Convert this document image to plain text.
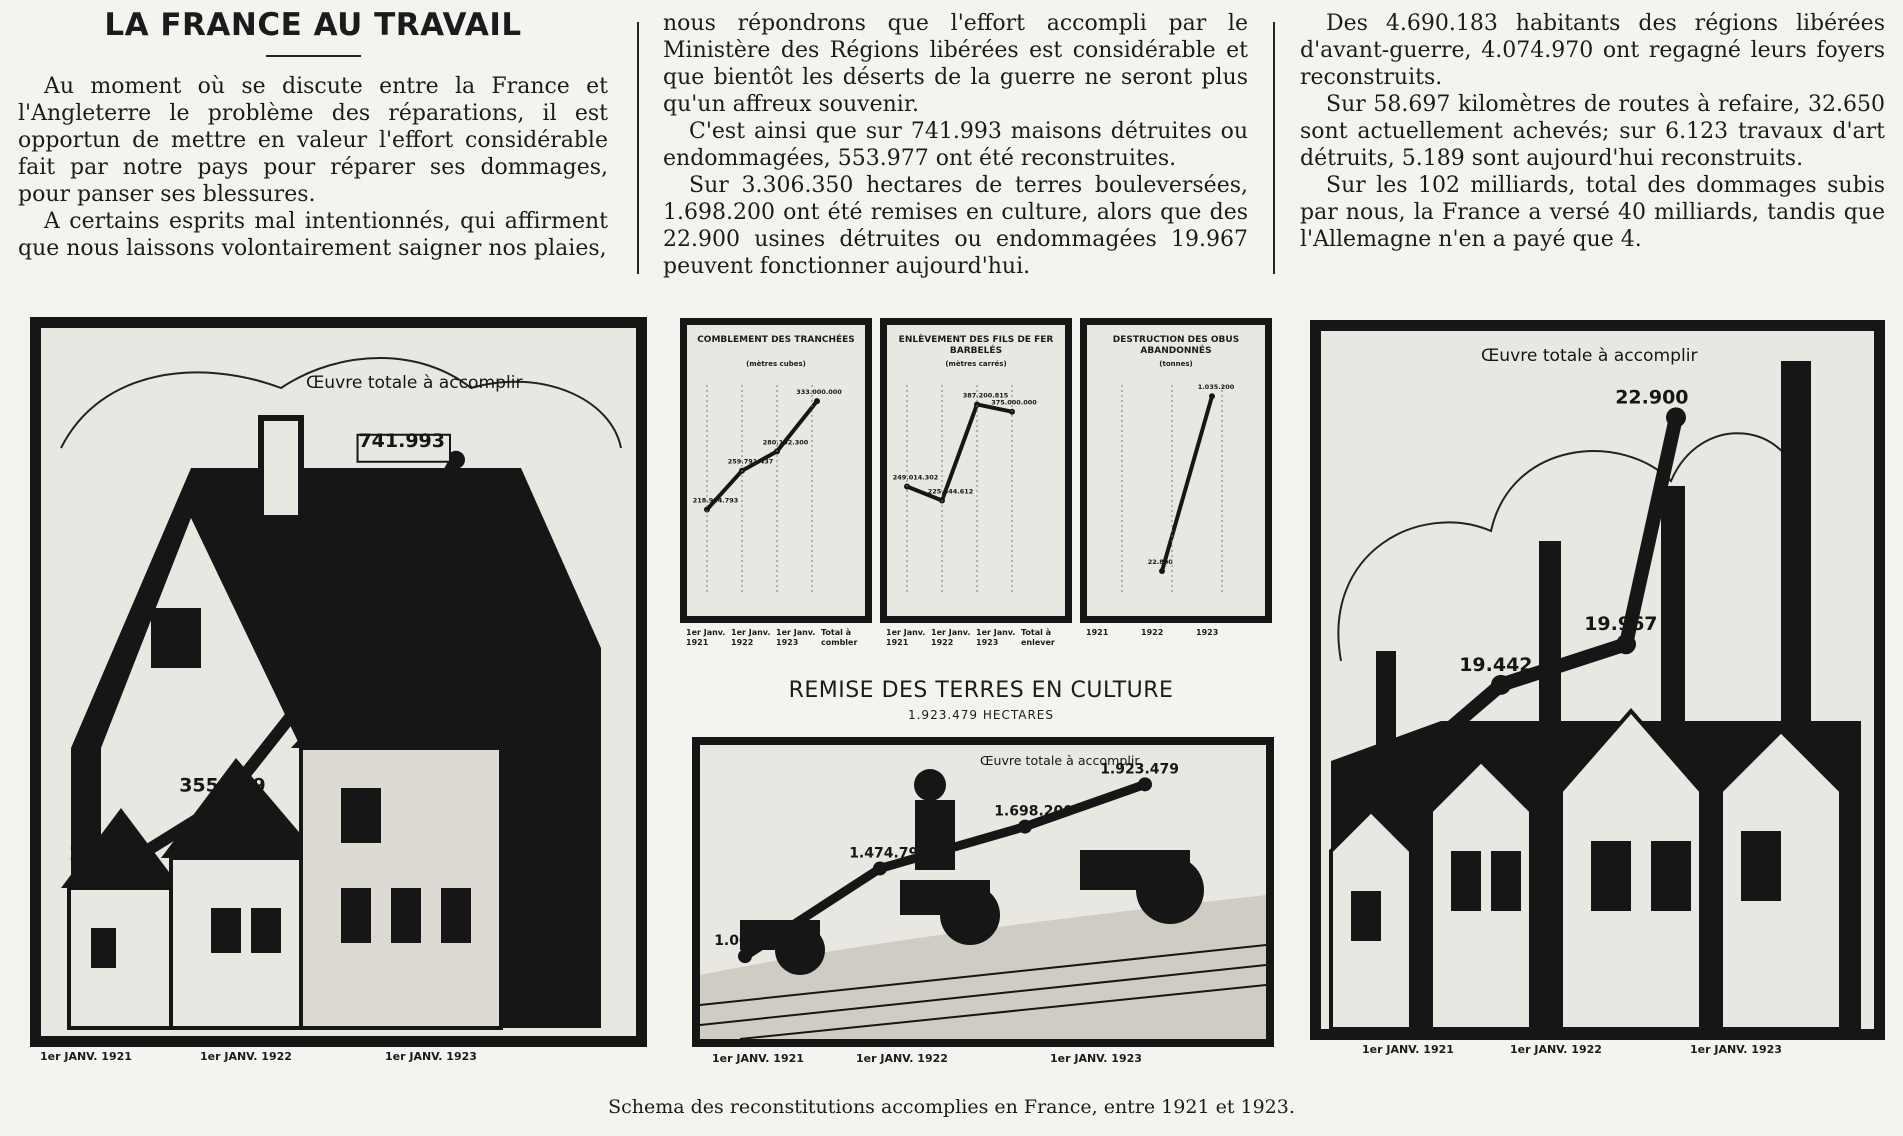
LA FRANCE AU TRAVAIL

Au moment où se discute entre la France et l'Angleterre le problème des réparations, il est opportun de mettre en valeur l'effort considérable fait par notre pays pour réparer ses dommages, pour panser ses blessures.

A certains esprits mal intentionnés, qui affirment que nous laissons volontairement saigner nos plaies,

nous répondrons que l'effort accompli par le Ministère des Régions libérées est considérable et que bientôt les déserts de la guerre ne seront plus qu'un affreux souvenir.

C'est ainsi que sur 741.993 maisons détruites ou endommagées, 553.977 ont été reconstruites.

Sur 3.306.350 hectares de terres bouleversées, 1.698.200 ont été remises en culture, alors que des 22.900 usines détruites ou endommagées 19.967 peuvent fonctionner aujourd'hui.

Des 4.690.183 habitants des régions libérées d'avant-guerre, 4.074.970 ont regagné leurs foyers reconstruits.

Sur 58.697 kilomètres de routes à refaire, 32.650 sont actuellement achevés; sur 6.123 travaux d'art détruits, 5.189 sont aujourd'hui reconstruits.

Sur les 102 milliards, total des dommages subis par nous, la France a versé 40 milliards, tandis que l'Allemagne n'en a payé que 4.

278.834
355.479
553.977
741.993
Œuvre totale à accomplir
1er JANV. 1921	1er JANV. 1922	1er JANV. 1923
COMBLEMENT DES TRANCHÉES
(mètres cubes)
218.934.793
259.791.437
280.102.300
333.000.000
ENLÈVEMENT DES FILS DE FER BARBELÉS
(mètres carrés)
249.014.302
225.544.612
387.200.815
375.000.000
DESTRUCTION DES OBUS ABANDONNÉS
(tonnes)
22.800
1.035.200
1er Janv. 1921
1er Janv. 1922
1er Janv. 1923
Total à combler
1er Janv. 1921
1er Janv. 1922
1er Janv. 1923
Total à enlever
1921	1922	1923
REMISE DES TERRES EN CULTURE
1.923.479 HECTARES
1.007.240
1.474.796
1.698.200
1.923.479
Œuvre totale à accomplir
1er JANV. 1921	1er JANV. 1922	1er JANV. 1923
18.091
19.442
19.967
22.900
Œuvre totale à accomplir
1er JANV. 1921	1er JANV. 1922	1er JANV. 1923
Schema des reconstitutions accomplies en France, entre 1921 et 1923.
